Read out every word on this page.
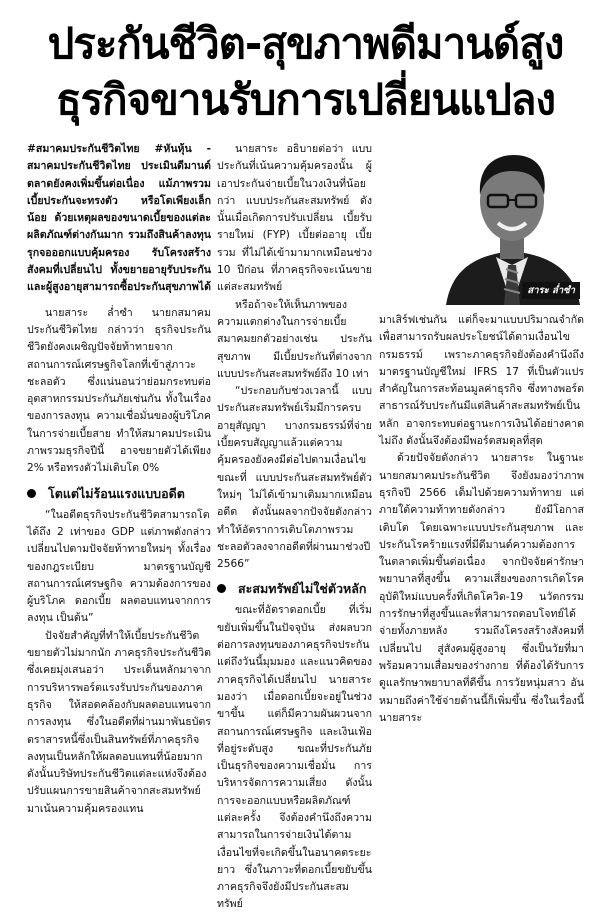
ประกันชีวิต-สุขภาพดีมานด์สูง
ธุรกิจขานรับการเปลี่ยนแปลง

#สมาคมประกันชีวิตไทย #หันหุ้น - สมาคมประกันชีวิตไทย ประเมินดีมานด์ตลาดยังคงเพิ่มขึ้นต่อเนื่อง แม้ภาพรวมเบี้ยประกันจะทรงตัว หรือโตเพียงเล็กน้อย ด้วยเหตุผลของขนาดเบี้ยของแต่ละผลิตภัณฑ์ต่างกันมาก รวมถึงสินค้าลงทุนรุกจอออกแบบคุ้มครอง รับโครงสร้างสังคมที่เปลี่ยนไป ทั้งขยายอายุรับประกัน และผู้สูงอายุสามารถซื้อประกันสุขภาพได้

นายสาระ ล่ำซำ นายกสมาคมประกันชีวิตไทย กล่าวว่า ธุรกิจประกันชีวิตยังคงเผชิญปัจจัยท้าทายจากสถานการณ์เศรษฐกิจโลกที่เข้าสู่ภาวะชะลอตัว ซึ่งแน่นอนว่าย่อมกระทบต่ออุตสาหกรรมประกันภัยเช่นกัน ทั้งในเรื่องของการลงทุน ความเชื่อมั่นของผู้บริโภคในการจ่ายเบี้ยสาย ทำให้สมาคมประเมินภาพรวมธุรกิจปีนี้ อาจขยายตัวได้เพียง 2% หรือทรงตัวไม่เติบโต 0%

โตแต่ไม่ร้อนแรงแบบอดีต

“ในอดีตธุรกิจประกันชีวิตสามารถโตได้ถึง 2 เท่าของ GDP แต่ภาพดังกล่าวเปลี่ยนไปตามปัจจัยท้าทายใหม่ๆ ทั้งเรื่องของกฎระเบียบ มาตรฐานบัญชีสถานการณ์เศรษฐกิจ ความต้องการของผู้บริโภค ดอกเบี้ย ผลตอบแทนจากการลงทุน เป็นต้น”

ปัจจัยสำคัญที่ทำให้เบี้ยประกันชีวิตขยายตัวไม่มากนัก ภาคธุรกิจประกันชีวิตซึ่งเคยมุ่งเสนอว่า ประเด็นหลักมาจากการบริหารพอร์ตแรงรับประกันของภาคธุรกิจ ให้สอดคล้องกับผลตอบแทนจากการลงทุน ซึ่งในอดีตที่ผ่านมาพันธบัตร ตราสารหนี้ซึ่งเป็นสินทรัพย์ที่ภาคธุรกิจลงทุนเป็นหลักให้ผลตอบแทนที่น้อยมาก ดังนั้นบริษัทประกันชีวิตแต่ละแห่งจึงต้องปรับแผนการขายสินค้าจากสะสมทรัพย์มาเน้นความคุ้มครองแทน

นายสาระ อธิบายต่อว่า แบบประกันที่เน้นความคุ้มครองนั้น ผู้เอาประกันจ่ายเบี้ยในวงเงินที่น้อยกว่า แบบประกันสะสมทรัพย์ ดังนั้นเมื่อเกิดการปรับเปลี่ยน เบี้ยรับรายใหม่ (FYP) เบี้ยต่ออายุ เบี้ยรวม ที่ไม่ได้เข้ามามากเหมือนช่วง 10 ปีก่อน ที่ภาคธุรกิจจะเน้นขายแต่สะสมทรัพย์

หรือถ้าจะให้เห็นภาพของความแตกต่างในการจ่ายเบี้ย สมาคมยกตัวอย่างเช่น ประกันสุขภาพ มีเบี้ยประกันที่ต่างจากแบบประกันสะสมทรัพย์ถึง 10 เท่า

“ประกอบกับช่วงเวลานี้ แบบประกันสะสมทรัพย์เริ่มมีการครบอายุสัญญา บางกรมธรรม์ที่จ่ายเบี้ยครบสัญญาแล้วแต่ความคุ้มครองยังคงมีต่อไปตามเงื่อนไข ขณะที่ แบบประกันสะสมทรัพย์ตัวใหม่ๆ ไม่ได้เข้ามาเติมมากเหมือนอดีต ดังนั้นผลจากปัจจัยดังกล่าวทำให้อัตราการเติบโตภาพรวมชะลอตัวลงจากอดีตที่ผ่านมาช่วงปี 2566”

สะสมทรัพย์ไม่ใช่ตัวหลัก

ขณะที่อัตราดอกเบี้ย ที่เริ่มขยับเพิ่มขึ้นในปัจจุบัน ส่งผลบวกต่อการลงทุนของภาคธุรกิจประกัน แต่ถึงวันนี้มุมมอง และแนวคิดของภาคธุรกิจได้เปลี่ยนไป นายสาระ มองว่า เมื่อดอกเบี้ยจะอยู่ในช่วงขาขึ้น แต่ก็มีความผันผวนจากสถานการณ์เศรษฐกิจ และเงินเฟ้อที่อยู่ระดับสูง ขณะที่ประกันภัย เป็นธุรกิจของความเชื่อมั่น การบริหารจัดการความเสี่ยง ดังนั้นการจะออกแบบหรือผลิตภัณฑ์แต่ละครั้ง จึงต้องคำนึงถึงความสามารถในการจ่ายเงินได้ตามเงื่อนไขที่จะเกิดขึ้นในอนาคตระยะยาว ซึ่งในภาวะที่ดอกเบี้ยขยับขึ้น ภาคธุรกิจจึงยังมีประกันสะสมทรัพย์

สาระ ล่ำซำ

มาเสิร์ฟเช่นกัน แต่ก็จะมาแบบปริมาณจำกัด เพื่อสามารถรับผลประโยชน์ได้ตามเงื่อนไขกรมธรรม์ เพราะภาคธุรกิจยังต้องคำนึงถึงมาตรฐานบัญชีใหม่ IFRS 17 ที่เป็นตัวแปรสำคัญในการสะท้อนมูลค่าธุรกิจ ซึ่งทางพอร์ตสาธารณ์รับประกันมีแต่สินค้าสะสมทรัพย์เป็นหลัก อาจกระทบต่อฐานะการเงินได้อย่างคาดไม่ถึง ดังนั้นจึงต้องมีพอร์ตสมดุลที่สุด

ด้วยปัจจัยดังกล่าว นายสาระ ในฐานะนายกสมาคมประกันชีวิต จึงยังมองว่าภาพธุรกิจปี 2566 เต็มไปด้วยความท้าทาย แต่ภายใต้ความท้าทายดังกล่าว ยังมีโอกาสเติบโต โดยเฉพาะแบบประกันสุขภาพ และประกันโรคร้ายแรงที่มีดีมานด์ความต้องการในตลาดเพิ่มขึ้นต่อเนื่อง จากปัจจัยค่ารักษาพยาบาลที่สูงขึ้น ความเสี่ยงของการเกิดโรคอุบัติใหม่แบบครั้งที่เกิดโควิด-19 นวัตกรรมการรักษาที่สูงขึ้นและที่สามารถตอบโจทย์ได้จ่ายทั้งภายหลัง รวมถึงโครงสร้างสังคมที่เปลี่ยนไป สู่สังคมผู้สูงอายุ ซึ่งเป็นวัยที่มาพร้อมความเสื่อมของร่างกาย ที่ต้องได้รับการดูแลรักษาพยาบาลที่ดีขึ้น การวัยหนุ่มสาว อันหมายถึงค่าใช้จ่ายด้านนี้ก็เพิ่มขึ้น ซึ่งในเรื่องนี้ นายสาระ
